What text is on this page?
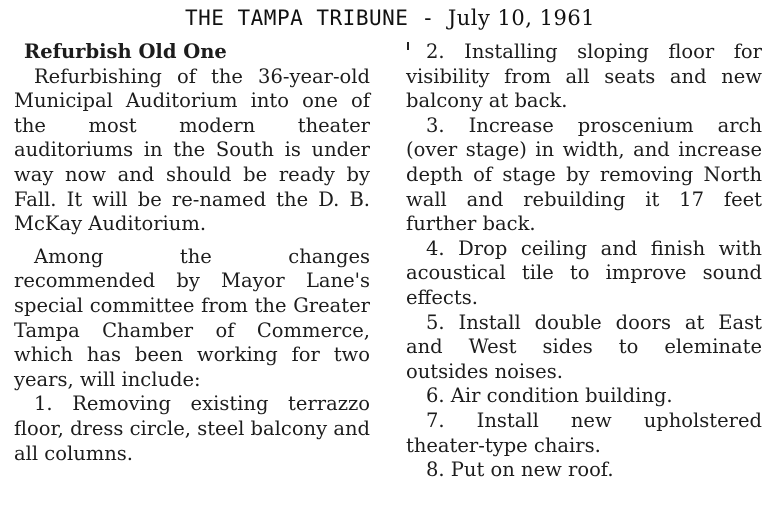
THE TAMPA TRIBUNE - July 10, 1961

Refurbish Old One

Refurbishing of the 36-year-old Municipal Auditorium into one of the most modern theater auditoriums in the South is under way now and should be ready by Fall. It will be re-named the D. B. McKay Auditorium.

Among the changes recommended by Mayor Lane's special committee from the Greater Tampa Chamber of Commerce, which has been working for two years, will include:

1. Removing existing terrazzo floor, dress circle, steel balcony and all columns.

2. Installing sloping floor for visibility from all seats and new balcony at back.

3. Increase proscenium arch (over stage) in width, and increase depth of stage by removing North wall and rebuilding it 17 feet further back.

4. Drop ceiling and finish with acoustical tile to improve sound effects.

5. Install double doors at East and West sides to eleminate outsides noises.

6. Air condition building.

7. Install new upholstered theater-type chairs.

8. Put on new roof.
